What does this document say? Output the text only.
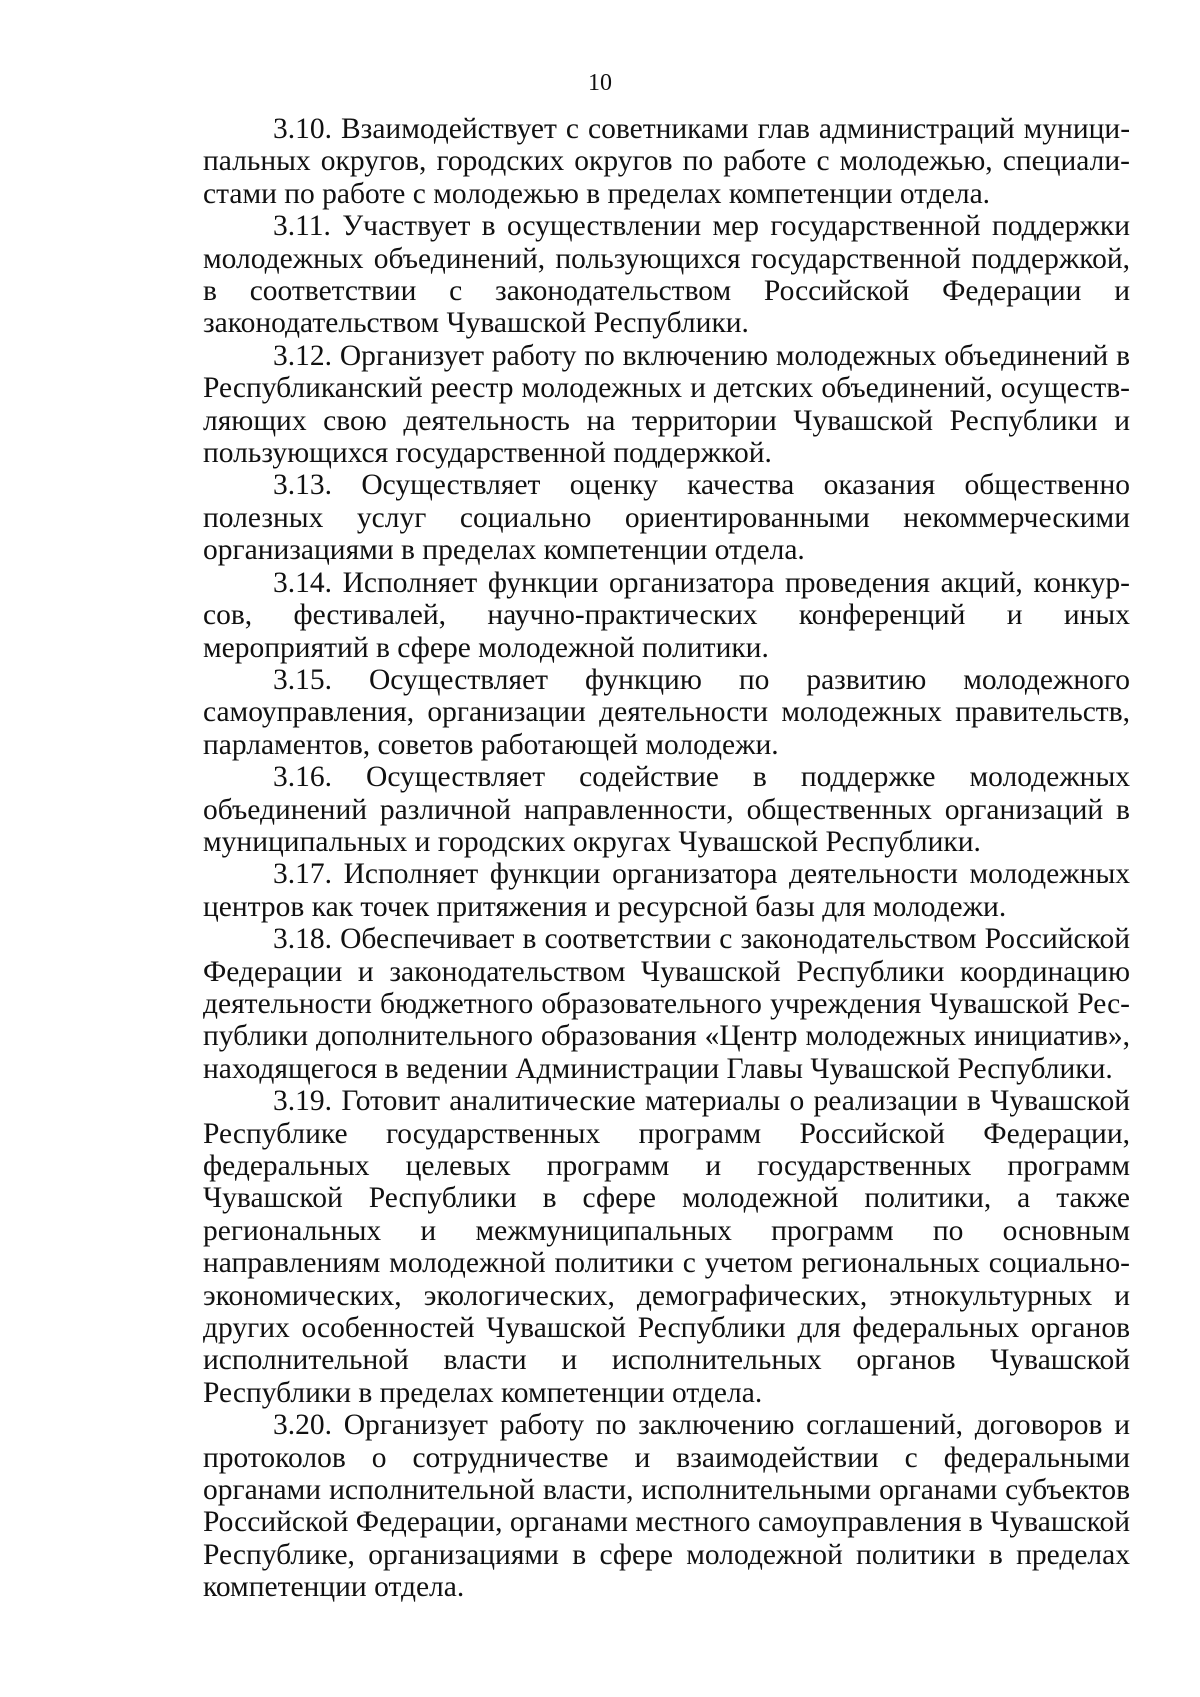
10

3.10. Взаимодействует с советниками глав администраций муниципальных округов, городских округов по работе с молодежью, специалистами по работе с молодежью в пределах компетенции отдела.

3.11. Участвует в осуществлении мер государственной поддержки молодежных объединений, пользующихся государственной поддержкой, в соответствии с законодательством Российской Федерации и законодательством Чувашской Республики.

3.12. Организует работу по включению молодежных объединений в Республиканский реестр молодежных и детских объединений, осуществляющих свою деятельность на территории Чувашской Республики и пользующихся государственной поддержкой.

3.13. Осуществляет оценку качества оказания общественно полезных услуг социально ориентированными некоммерческими организациями в пределах компетенции отдела.

3.14. Исполняет функции организатора проведения акций, конкурсов, фестивалей, научно-практических конференций и иных мероприятий в сфере молодежной политики.

3.15. Осуществляет функцию по развитию молодежного самоуправления, организации деятельности молодежных правительств, парламентов, советов работающей молодежи.

3.16. Осуществляет содействие в поддержке молодежных объединений различной направленности, общественных организаций в муниципальных и городских округах Чувашской Республики.

3.17. Исполняет функции организатора деятельности молодежных центров как точек притяжения и ресурсной базы для молодежи.

3.18. Обеспечивает в соответствии с законодательством Российской Федерации и законодательством Чувашской Республики координацию деятельности бюджетного образовательного учреждения Чувашской Республики дополнительного образования «Центр молодежных инициатив», находящегося в ведении Администрации Главы Чувашской Республики.

3.19. Готовит аналитические материалы о реализации в Чувашской Республике государственных программ Российской Федерации, федеральных целевых программ и государственных программ Чувашской Республики в сфере молодежной политики, а также региональных и межмуниципальных программ по основным направлениям молодежной политики с учетом региональных социально-экономических, экологических, демографических, этнокультурных и других особенностей Чувашской Республики для федеральных органов исполнительной власти и исполнительных органов Чувашской Республики в пределах компетенции отдела.

3.20. Организует работу по заключению соглашений, договоров и протоколов о сотрудничестве и взаимодействии с федеральными органами исполнительной власти, исполнительными органами субъектов Российской Федерации, органами местного самоуправления в Чувашской Республике, организациями в сфере молодежной политики в пределах компетенции отдела.
